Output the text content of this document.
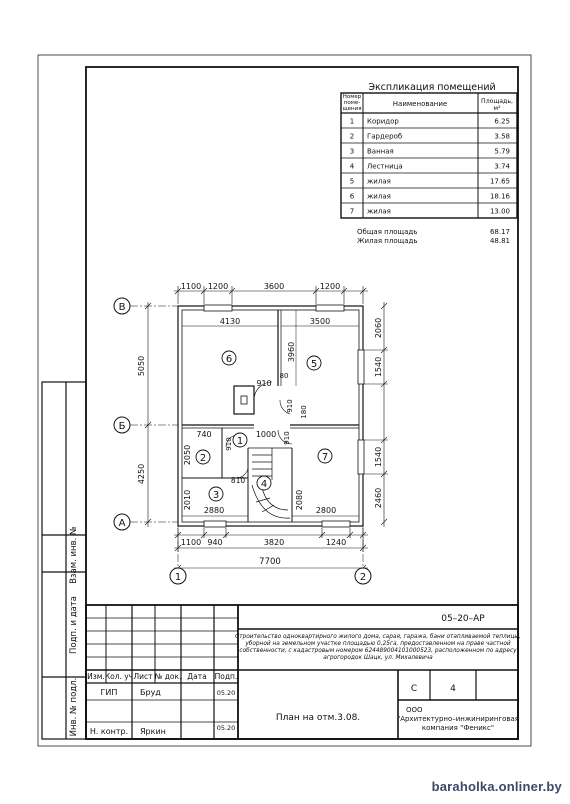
Взам. инв. №
Подп. и дата
Инв. № подл.
Экспликация помещений
Номер поме-щения
Наименование	Площадь, м²
1 Коридор	6.25
2 Гардероб	3.58
3 Ванная	5.79
4 Лестница	3.74
5 жилая	17.65
6 жилая	18.16
7 жилая	13.00
Общая площадь	68.17
Жилая площадь	48.81
В
Б
А
1	2
1
2
3
4
5
6
7
1100 1200	3600	1200
4130	3500
3960
910
80
910 180
740
910
1000 910
2050
810
2010	2080
2880	2800
5050
4250
2060
1540
1540
2460
1100 940	3820	1240
7700
05–20–АР
Строительство одноквартирного жилого дома, сарая, гаража, бани отапливаемой теплицы,
уборной на земельном участке площадью 0,25га, предоставленном на праве частной
собственности, с кадастровым номером 624489004101000523, расположенном по адресу
агрогородок Шацк, ул. Михалевича
Изм. Кол. уч Лист № док. Дата Подп.
ГИП	Бруд	05.20
Н. контр. Яркин	05.20
План на отм.3.08.
С	4
ООО
"Архитектурно–инжиниринговая
компания "Феникс"
baraholka.onliner.by
